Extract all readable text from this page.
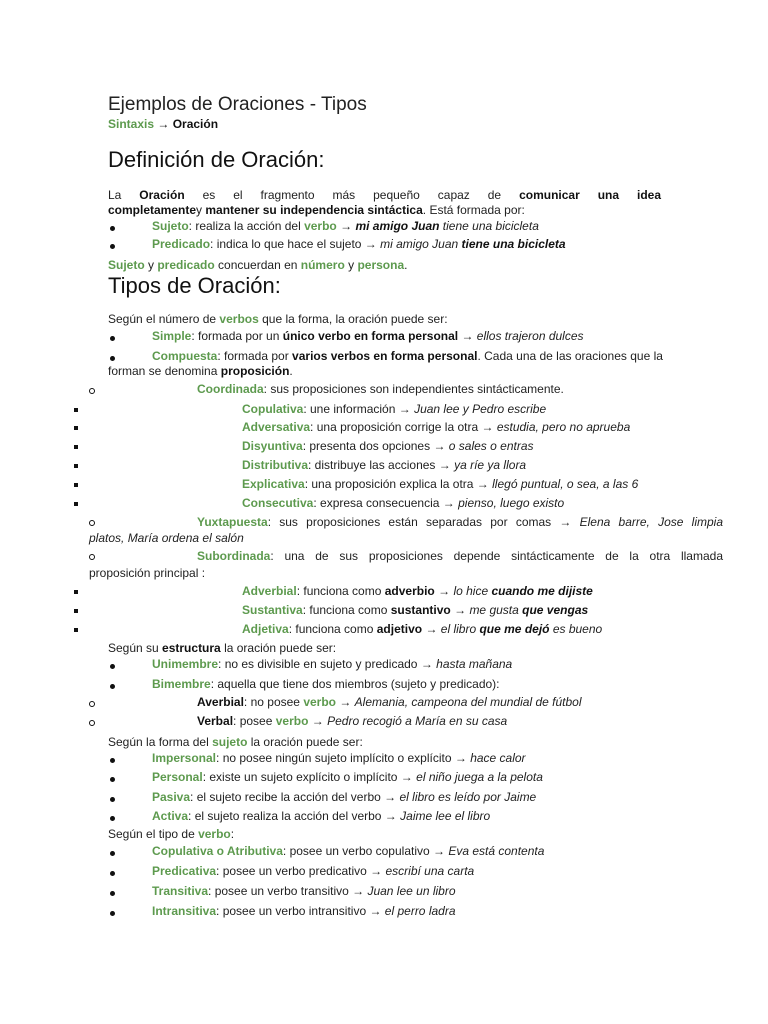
Ejemplos de Oraciones - Tipos
Sintaxis → Oración
Definición de Oración:
La Oración es el fragmento más pequeño capaz de comunicar una idea
completamentey mantener su independencia sintáctica. Está formada por:
Sujeto: realiza la acción del verbo → mi amigo Juan tiene una bicicleta
Predicado: indica lo que hace el sujeto → mi amigo Juan tiene una bicicleta
Sujeto y predicado concuerdan en número y persona.
Tipos de Oración:
Según el número de verbos que la forma, la oración puede ser:
Simple: formada por un único verbo en forma personal → ellos trajeron dulces
Compuesta: formada por varios verbos en forma personal. Cada una de las oraciones que la
forman se denomina proposición.
Coordinada: sus proposiciones son independientes sintácticamente.
Copulativa: une información → Juan lee y Pedro escribe
Adversativa: una proposición corrige la otra → estudia, pero no aprueba
Disyuntiva: presenta dos opciones → o sales o entras
Distributiva: distribuye las acciones → ya ríe ya llora
Explicativa: una proposición explica la otra → llegó puntual, o sea, a las 6
Consecutiva: expresa consecuencia → pienso, luego existo
Yuxtapuesta: sus proposiciones están separadas por comas → Elena barre, Jose limpia
platos, María ordena el salón
Subordinada: una de sus proposiciones depende sintácticamente de la otra llamada
proposición principal :
Adverbial: funciona como adverbio → lo hice cuando me dijiste
Sustantiva: funciona como sustantivo → me gusta que vengas
Adjetiva: funciona como adjetivo → el libro que me dejó es bueno
Según su estructura la oración puede ser:
Unimembre: no es divisible en sujeto y predicado → hasta mañana
Bimembre: aquella que tiene dos miembros (sujeto y predicado):
Averbial: no posee verbo → Alemania, campeona del mundial de fútbol
Verbal: posee verbo → Pedro recogió a María en su casa
Según la forma del sujeto la oración puede ser:
Impersonal: no posee ningún sujeto implícito o explícito → hace calor
Personal: existe un sujeto explícito o implícito → el niño juega a la pelota
Pasiva: el sujeto recibe la acción del verbo → el libro es leído por Jaime
Activa: el sujeto realiza la acción del verbo → Jaime lee el libro
Según el tipo de verbo:
Copulativa o Atributiva: posee un verbo copulativo → Eva está contenta
Predicativa: posee un verbo predicativo → escribí una carta
Transitiva: posee un verbo transitivo → Juan lee un libro
Intransitiva: posee un verbo intransitivo → el perro ladra
